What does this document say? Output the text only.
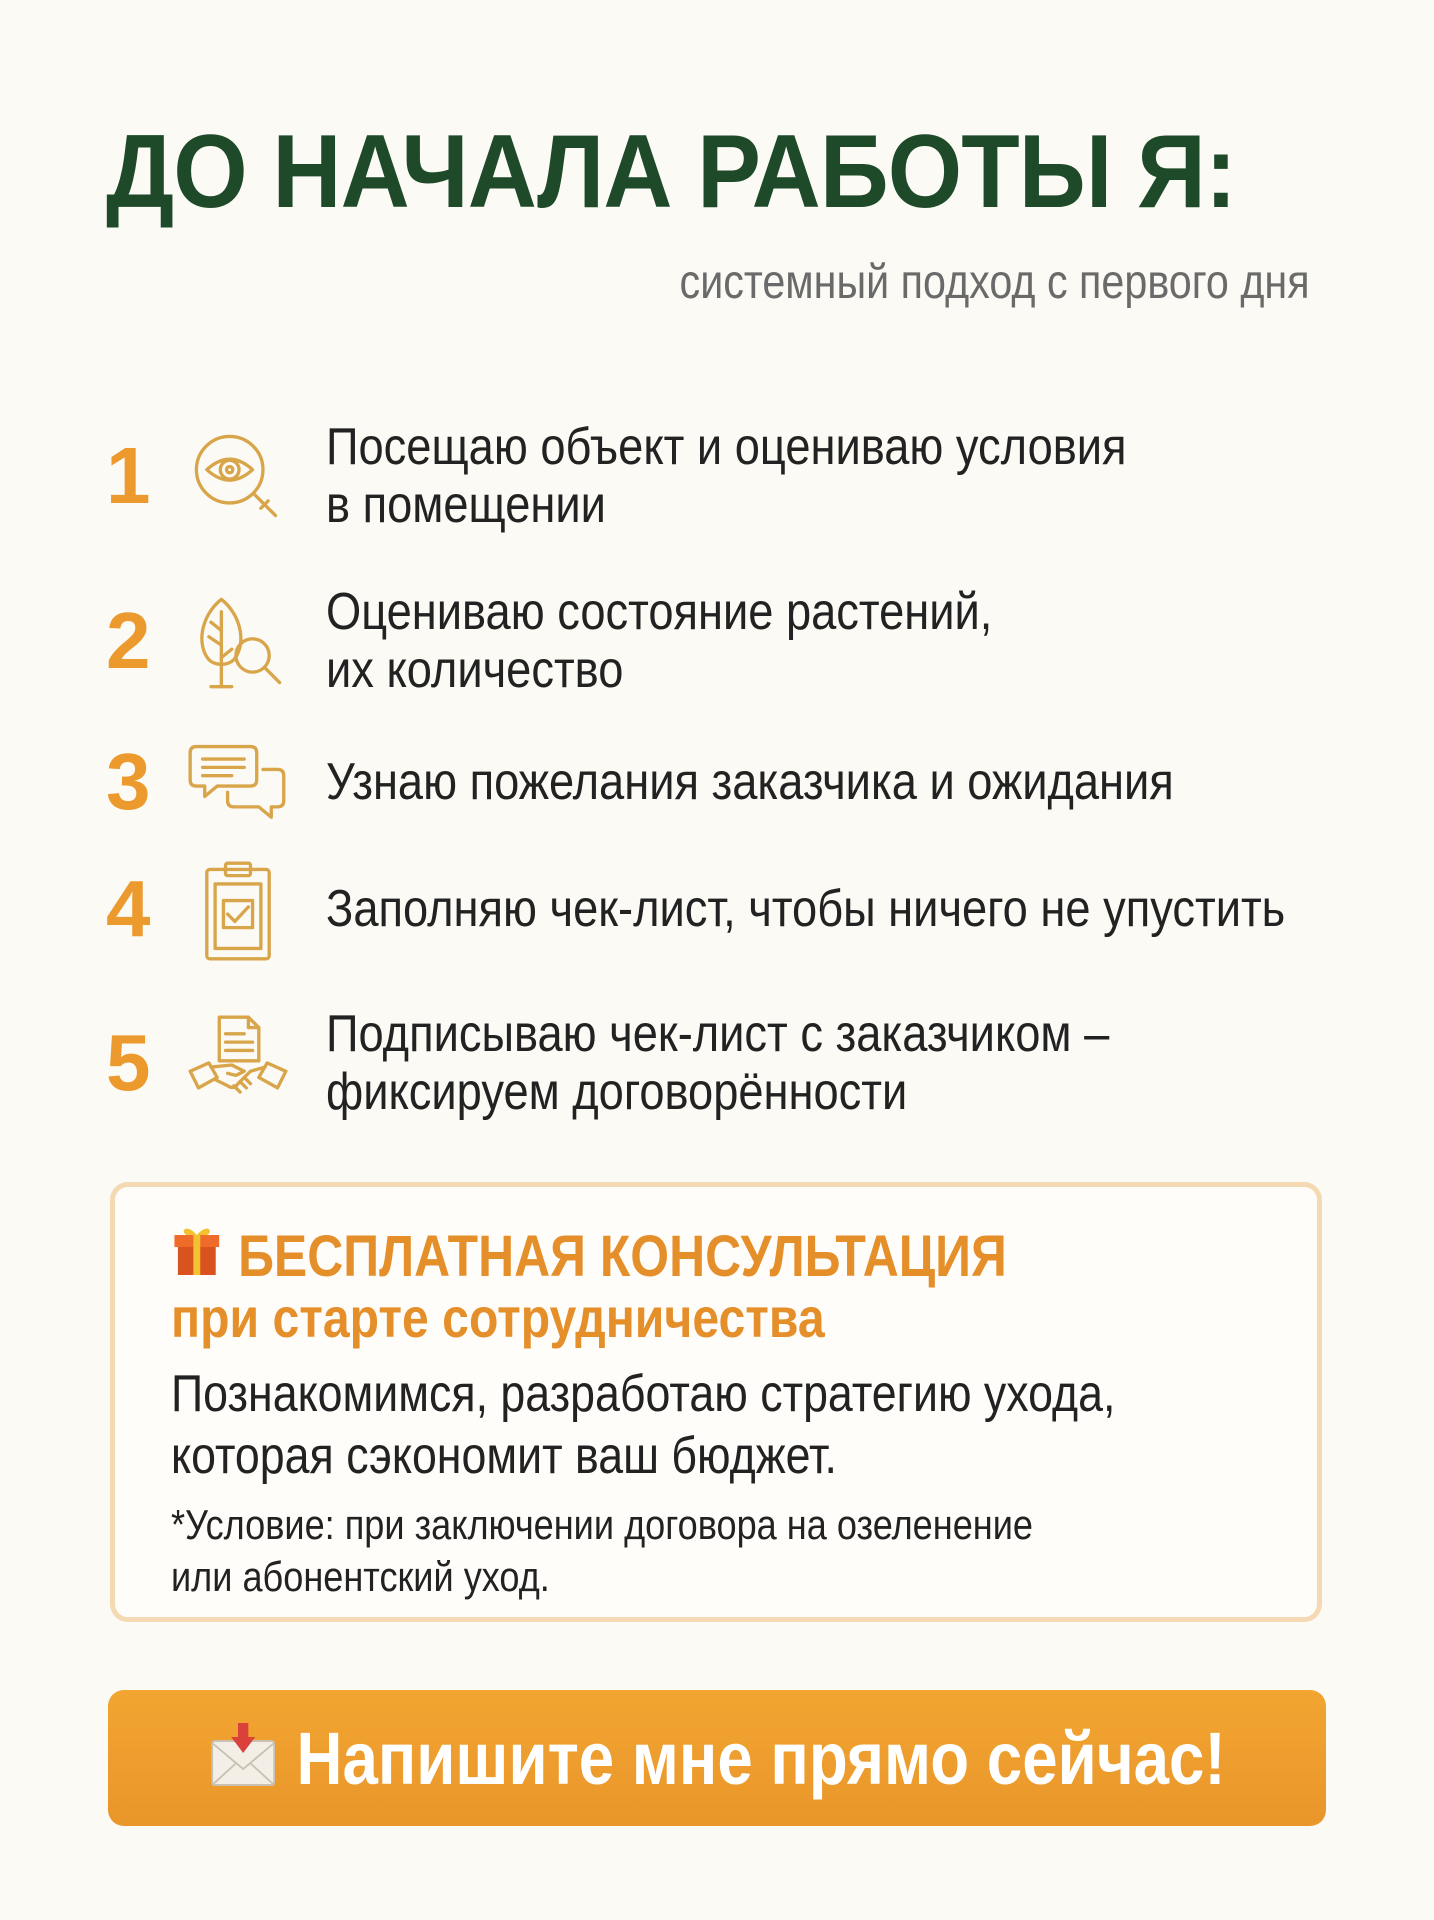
ДО НАЧАЛА РАБОТЫ Я:
системный подход с первого дня
1	Посещаю объект и оцениваю условия
в помещении
2	Оцениваю состояние растений,
их количество
3	Узнаю пожелания заказчика и ожидания
4	Заполняю чек-лист, чтобы ничего не упустить
5	Подписываю чек-лист с заказчиком –
фиксируем договорённости
БЕСПЛАТНАЯ КОНСУЛЬТАЦИЯ
при старте сотрудничества
Познакомимся, разработаю стратегию ухода,
которая сэкономит ваш бюджет.
*Условие: при заключении договора на озеленение
или абонентский уход.
Напишите мне прямо сейчас!
